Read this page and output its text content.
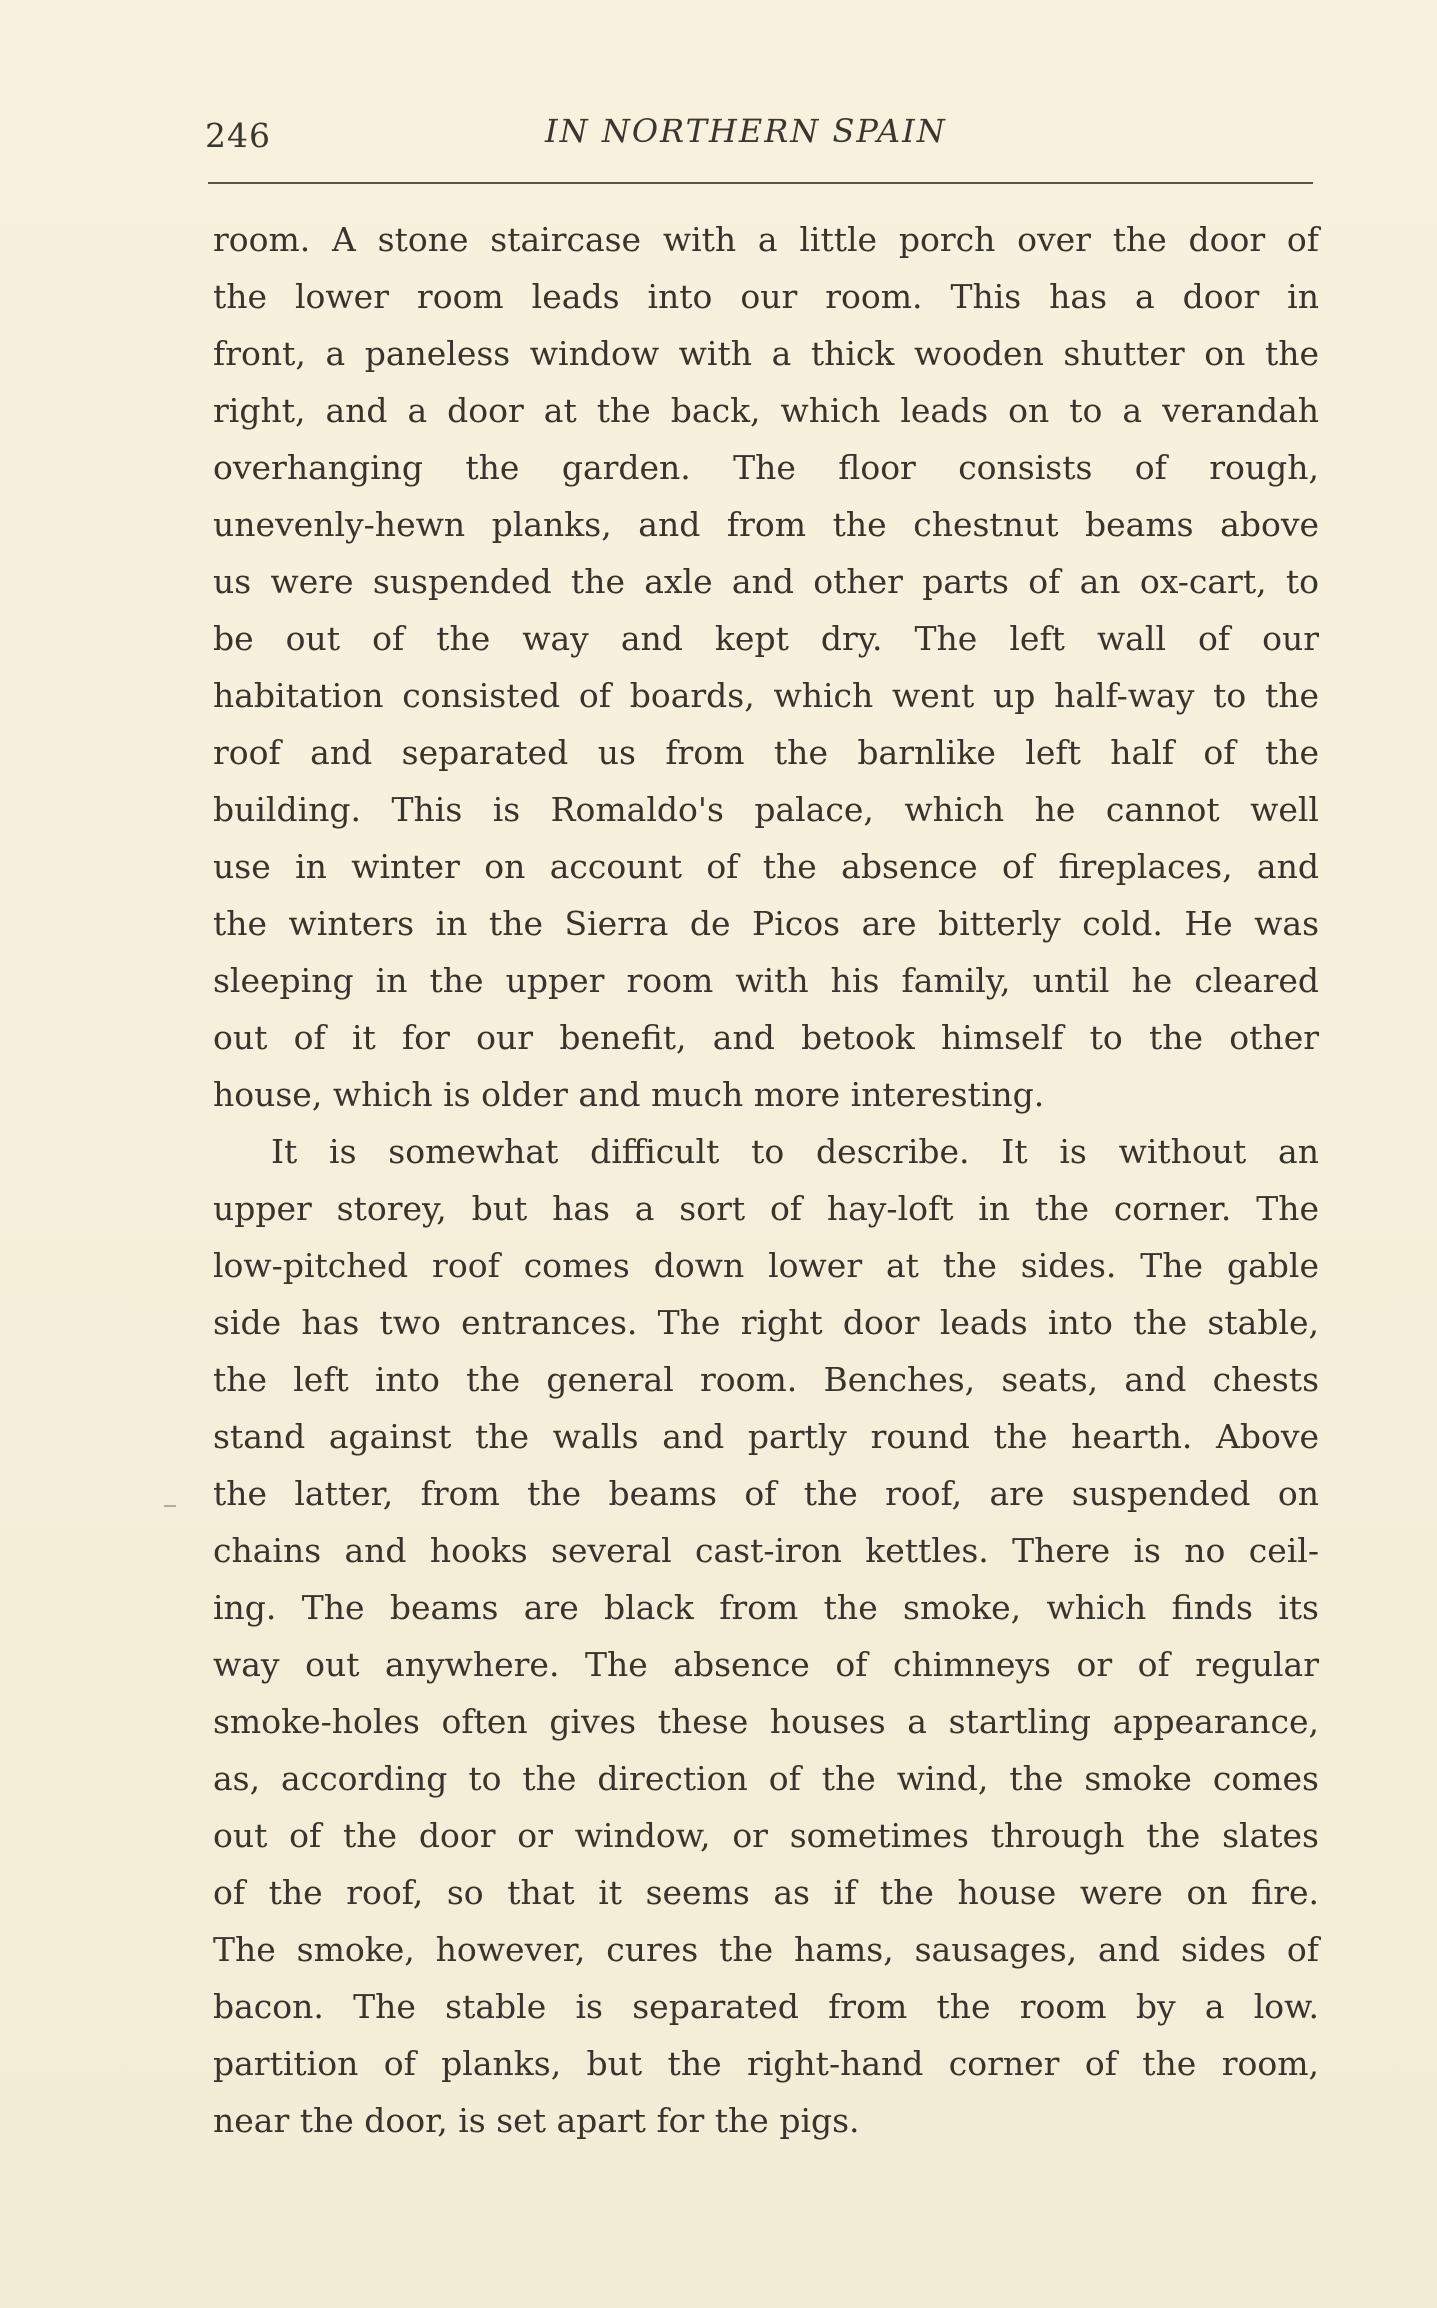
246	IN NORTHERN SPAIN
room. A stone staircase with a little porch over the door of
the lower room leads into our room. This has a door in
front, a paneless window with a thick wooden shutter on the
right, and a door at the back, which leads on to a verandah
overhanging the garden. The floor consists of rough,
unevenly-hewn planks, and from the chestnut beams above
us were suspended the axle and other parts of an ox-cart, to
be out of the way and kept dry. The left wall of our
habitation consisted of boards, which went up half-way to the
roof and separated us from the barnlike left half of the
building. This is Romaldo's palace, which he cannot well
use in winter on account of the absence of fireplaces, and
the winters in the Sierra de Picos are bitterly cold. He was
sleeping in the upper room with his family, until he cleared
out of it for our benefit, and betook himself to the other
house, which is older and much more interesting.
It is somewhat difficult to describe. It is without an
upper storey, but has a sort of hay-loft in the corner. The
low-pitched roof comes down lower at the sides. The gable
side has two entrances. The right door leads into the stable,
the left into the general room. Benches, seats, and chests
stand against the walls and partly round the hearth. Above
the latter, from the beams of the roof, are suspended on
chains and hooks several cast-iron kettles. There is no ceil-
ing. The beams are black from the smoke, which finds its
way out anywhere. The absence of chimneys or of regular
smoke-holes often gives these houses a startling appearance,
as, according to the direction of the wind, the smoke comes
out of the door or window, or sometimes through the slates
of the roof, so that it seems as if the house were on fire.
The smoke, however, cures the hams, sausages, and sides of
bacon. The stable is separated from the room by a low.
partition of planks, but the right-hand corner of the room,
near the door, is set apart for the pigs.
